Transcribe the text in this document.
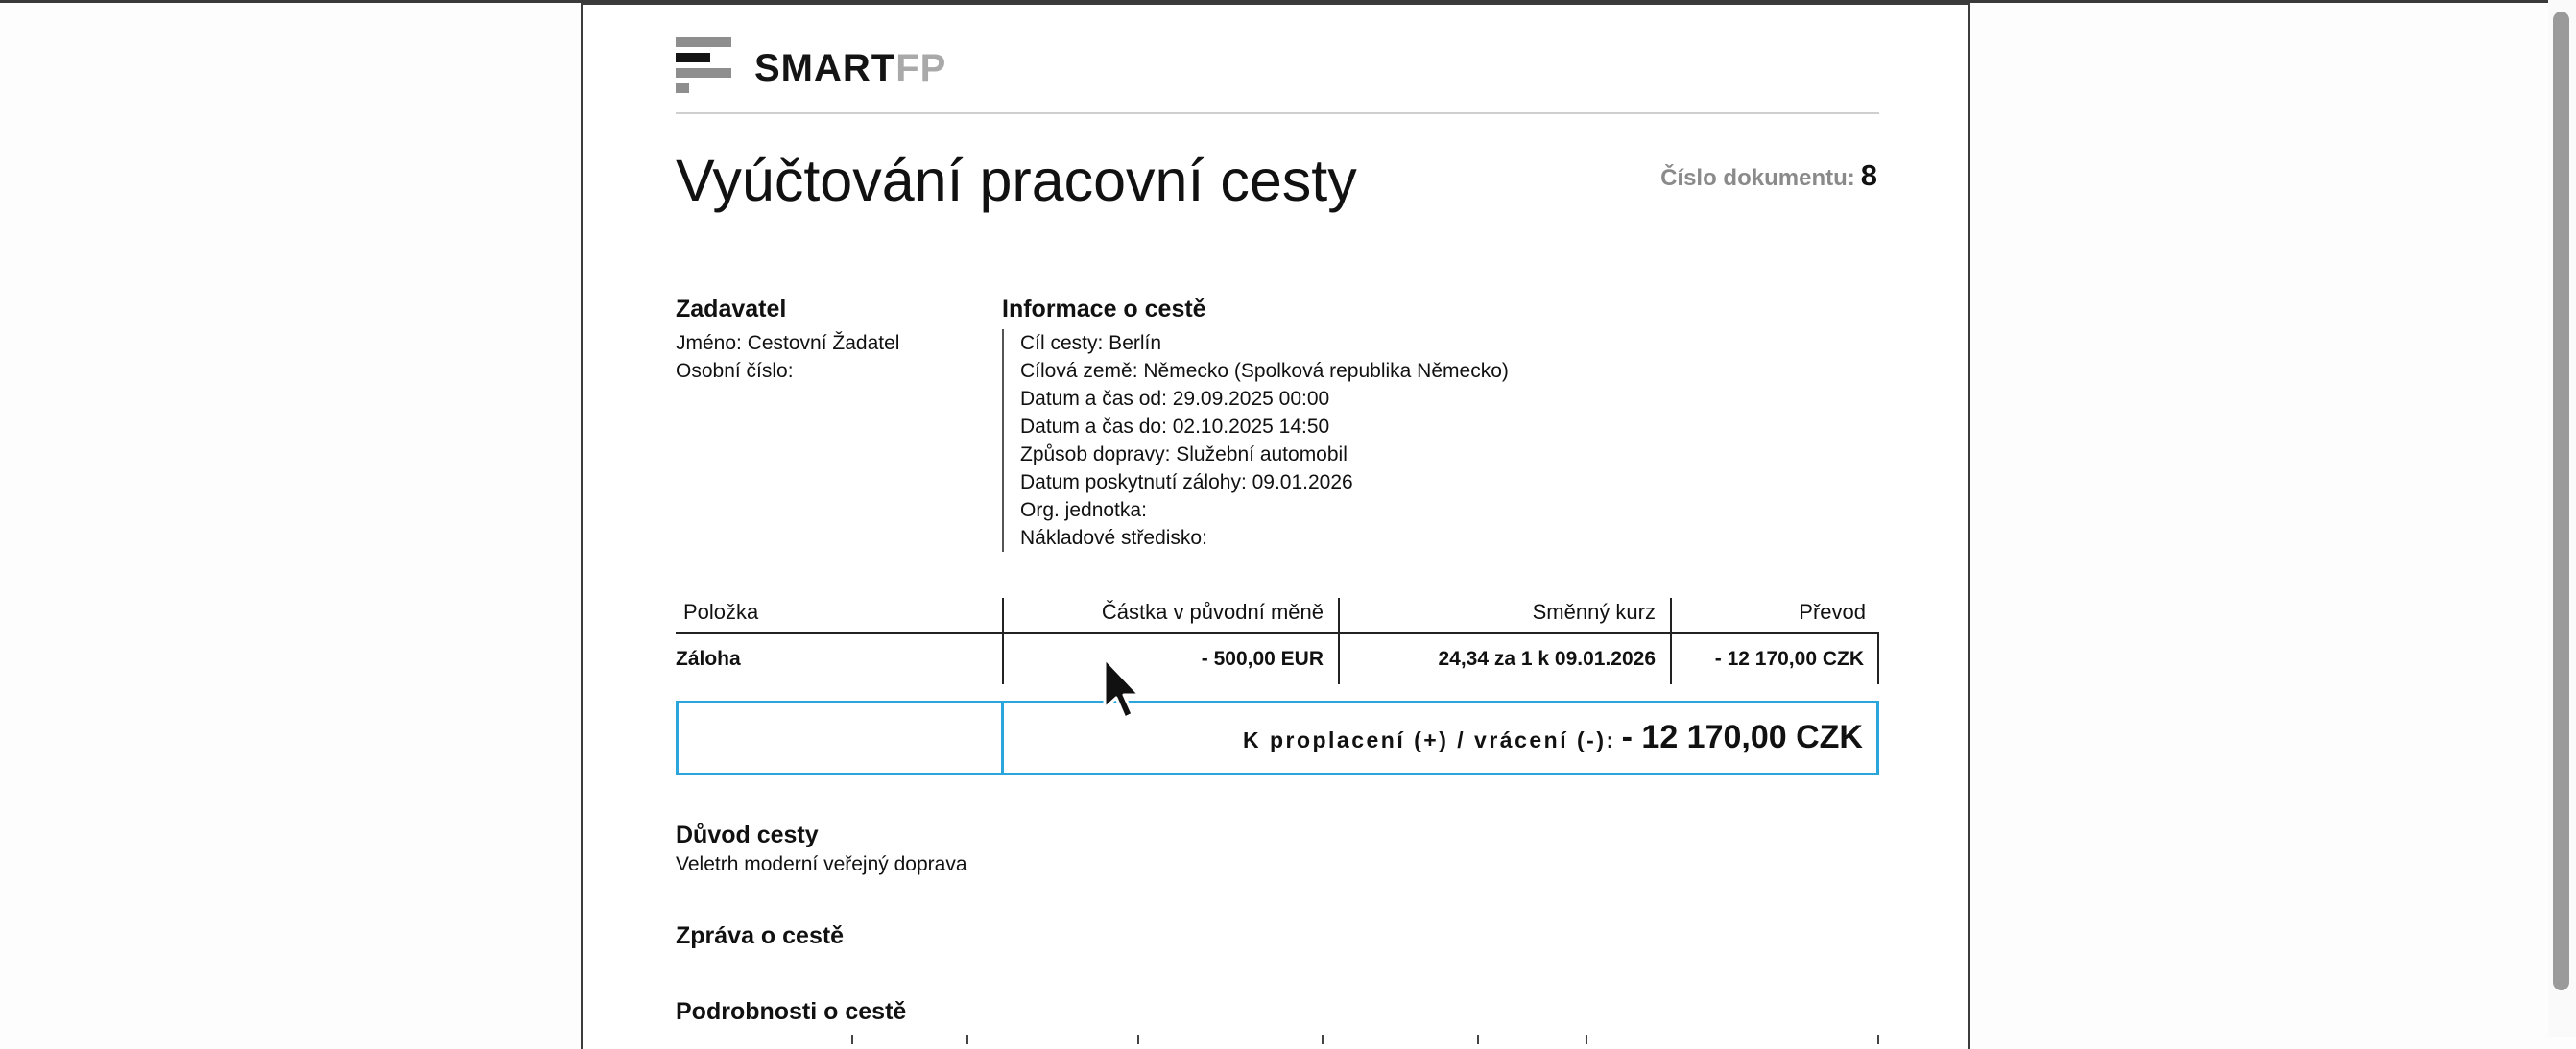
SMARTFP
Vyúčtování pracovní cesty	Číslo dokumentu: 8
Zadavatel
Jméno: Cestovní Žadatel
Osobní číslo:
Informace o cestě
Cíl cesty: Berlín
Cílová země: Německo (Spolková republika Německo)
Datum a čas od: 29.09.2025 00:00
Datum a čas do: 02.10.2025 14:50
Způsob dopravy: Služební automobil
Datum poskytnutí zálohy: 09.01.2026
Org. jednotka:
Nákladové středisko:
Položka	Částka v původní měně	Směnný kurz	Převod
Záloha	- 500,00 EUR	24,34 za 1 k 09.01.2026	- 12 170,00 CZK
K proplacení (+) / vrácení (-): - 12 170,00 CZK
Důvod cesty
Veletrh moderní veřejný doprava
Zpráva o cestě
Podrobnosti o cestě
